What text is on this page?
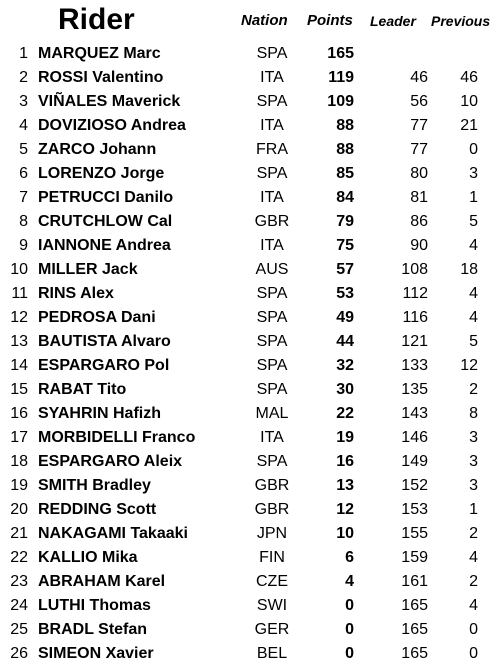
Rider	Nation Points Leader Previous
1 MARQUEZ Marc	SPA	165
2 ROSSI Valentino	ITA	119	46	46
3 VIÑALES Maverick	SPA	109	56	10
4 DOVIZIOSO Andrea	ITA	88	77	21
5 ZARCO Johann	FRA	88	77	0
6 LORENZO Jorge	SPA	85	80	3
7 PETRUCCI Danilo	ITA	84	81	1
8 CRUTCHLOW Cal	GBR	79	86	5
9 IANNONE Andrea	ITA	75	90	4
10 MILLER Jack	AUS	57	108	18
11 RINS Alex	SPA	53	112	4
12 PEDROSA Dani	SPA	49	116	4
13 BAUTISTA Alvaro	SPA	44	121	5
14 ESPARGARO Pol	SPA	32	133	12
15 RABAT Tito	SPA	30	135	2
16 SYAHRIN Hafizh	MAL	22	143	8
17 MORBIDELLI Franco	ITA	19	146	3
18 ESPARGARO Aleix	SPA	16	149	3
19 SMITH Bradley	GBR	13	152	3
20 REDDING Scott	GBR	12	153	1
21 NAKAGAMI Takaaki	JPN	10	155	2
22 KALLIO Mika	FIN	6	159	4
23 ABRAHAM Karel	CZE	4	161	2
24 LUTHI Thomas	SWI	0	165	4
25 BRADL Stefan	GER	0	165	0
26 SIMEON Xavier	BEL	0	165	0
